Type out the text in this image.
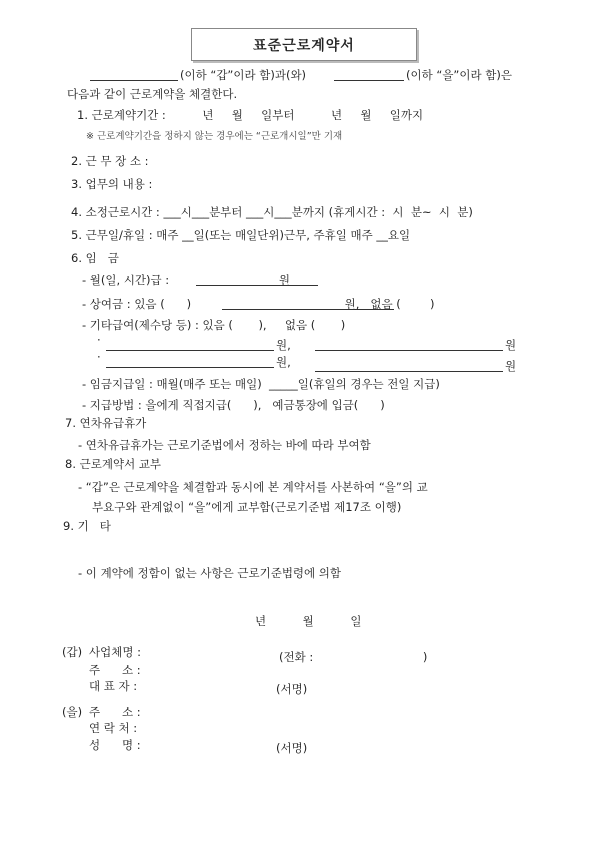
표준근로계약서
(이하 “갑”이라 함)과(와)	(이하 “을”이라 함)은
다음과 같이 근로계약을 체결한다.
1. 근로계약기간 :          년     월     일부터          년     월     일까지
※ 근로계약기간을 정하지 않는 경우에는 “근로개시일”만 기재
2. 근 무 장 소 :
3. 업무의 내용 :
4. 소정근로시간 : ___시___분부터 ___시___분까지 (휴게시간 :  시  분~  시  분)
5. 근무일/휴일 : 매주 __일(또는 매일단위)근무, 주휴일 매주 __요일
6. 임   금
- 월(일, 시간)급 :                              원
- 상여금 : 있음 (      )                                          원,   없음 (        )
- 기타급여(제수당 등) : 있음 (       ),     없음 (       )
·	원,	원
·	원,	원
- 임금지급일 : 매월(매주 또는 매일)  _____일(휴일의 경우는 전일 지급)
- 지급방법 : 을에게 직접지급(      ),   예금통장에 입금(      )
7. 연차유급휴가
- 연차유급휴가는 근로기준법에서 정하는 바에 따라 부여함
8. 근로계약서 교부
- “갑”은 근로계약을 체결함과 동시에 본 계약서를 사본하여 “을”의 교
부요구와 관계없이 “을”에게 교부함(근로기준법 제17조 이행)
9. 기   타
- 이 계약에 정함이 없는 사항은 근로기준법령에 의함
년          월          일
(갑) 사업체명 :	(전화 :                              )
주      소 :
대 표 자 :	(서명)
(을) 주      소 :
연 락 처 :
성      명 :	(서명)
